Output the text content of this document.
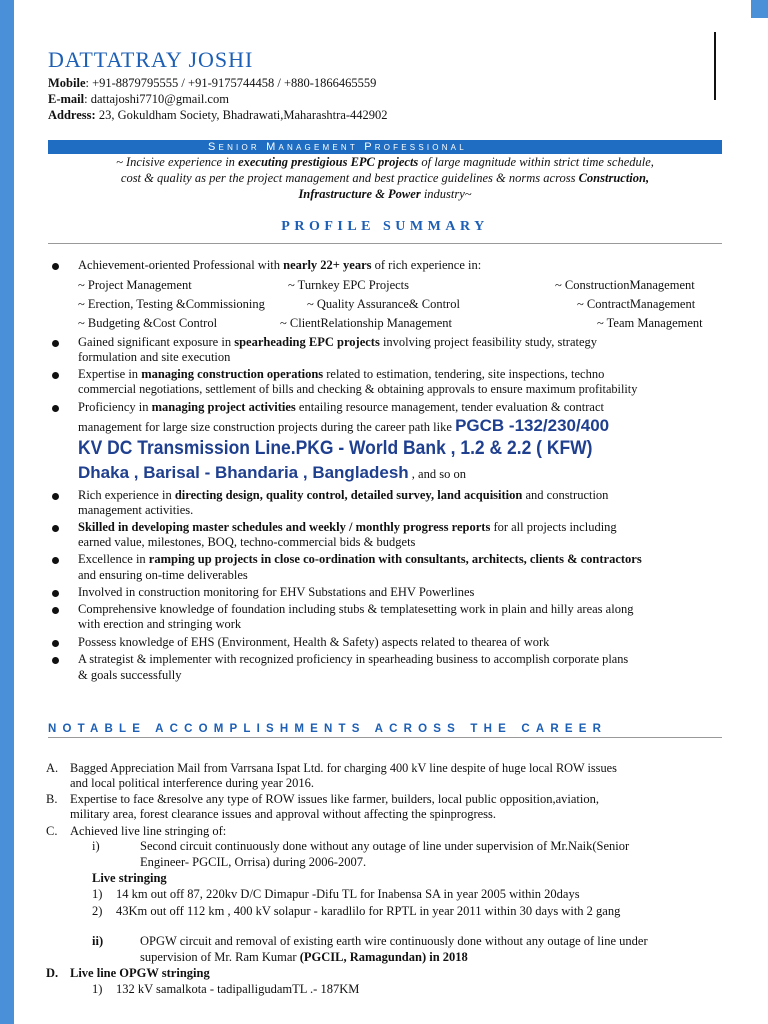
DATTATRAY JOSHI
Mobile: +91-8879795555 / +91-9175744458 / +880-1866465559
E-mail: dattajoshi7710@gmail.com
Address: 23, Gokuldham Society, Bhadrawati,Maharashtra-442902
Senior Management Professional
~ Incisive experience in executing prestigious EPC projects of large magnitude within strict time schedule,
cost & quality as per the project management and best practice guidelines & norms across Construction,
Infrastructure & Power industry~
PROFILE SUMMARY
Achievement-oriented Professional with nearly 22+ years of rich experience in:
~ Project Management	~ Turnkey EPC Projects	~ ConstructionManagement
~ Erection, Testing &Commissioning	~ Quality Assurance& Control	~ ContractManagement
~ Budgeting &Cost Control	~ ClientRelationship Management	~ Team Management
Gained significant exposure in spearheading EPC projects involving project feasibility study, strategy
formulation and site execution
Expertise in managing construction operations related to estimation, tendering, site inspections, techno
commercial negotiations, settlement of bills and checking & obtaining approvals to ensure maximum profitability
Proficiency in managing project activities entailing resource management, tender evaluation & contract
management for large size construction projects during the career path like PGCB -132/230/400
KV DC Transmission Line.PKG - World Bank , 1.2 & 2.2 ( KFW)
Dhaka , Barisal - Bhandaria , Bangladesh , and so on
Rich experience in directing design, quality control, detailed survey, land acquisition and construction
management activities.
Skilled in developing master schedules and weekly / monthly progress reports for all projects including
earned value, milestones, BOQ, techno-commercial bids & budgets
Excellence in ramping up projects in close co-ordination with consultants, architects, clients & contractors
and ensuring on-time deliverables
Involved in construction monitoring for EHV Substations and EHV Powerlines
Comprehensive knowledge of foundation including stubs & templatesetting work in plain and hilly areas along
with erection and stringing work
Possess knowledge of EHS (Environment, Health & Safety) aspects related to thearea of work
A strategist & implementer with recognized proficiency in spearheading business to accomplish corporate plans
& goals successfully
NOTABLE ACCOMPLISHMENTS ACROSS THE CAREER
A. Bagged Appreciation Mail from Varrsana Ispat Ltd. for charging 400 kV line despite of huge local ROW issues
and local political interference during year 2016.
B. Expertise to face &resolve any type of ROW issues like farmer, builders, local public opposition,aviation,
military area, forest clearance issues and approval without affecting the spinprogress.
C. Achieved live line stringing of:
i)	Second circuit continuously done without any outage of line under supervision of Mr.Naik(Senior
Engineer- PGCIL, Orrisa) during 2006-2007.
Live stringing
1) 14 km out off 87, 220kv D/C Dimapur -Difu TL for Inabensa SA in year 2005 within 20days
2) 43Km out off 112 km , 400 kV solapur - karadlilo for RPTL in year 2011 within 30 days with 2 gang
ii)	OPGW circuit and removal of existing earth wire continuously done without any outage of line under
supervision of Mr. Ram Kumar (PGCIL, Ramagundan) in 2018
D. Live line OPGW stringing
1) 132 kV samalkota - tadipalligudamTL .- 187KM
